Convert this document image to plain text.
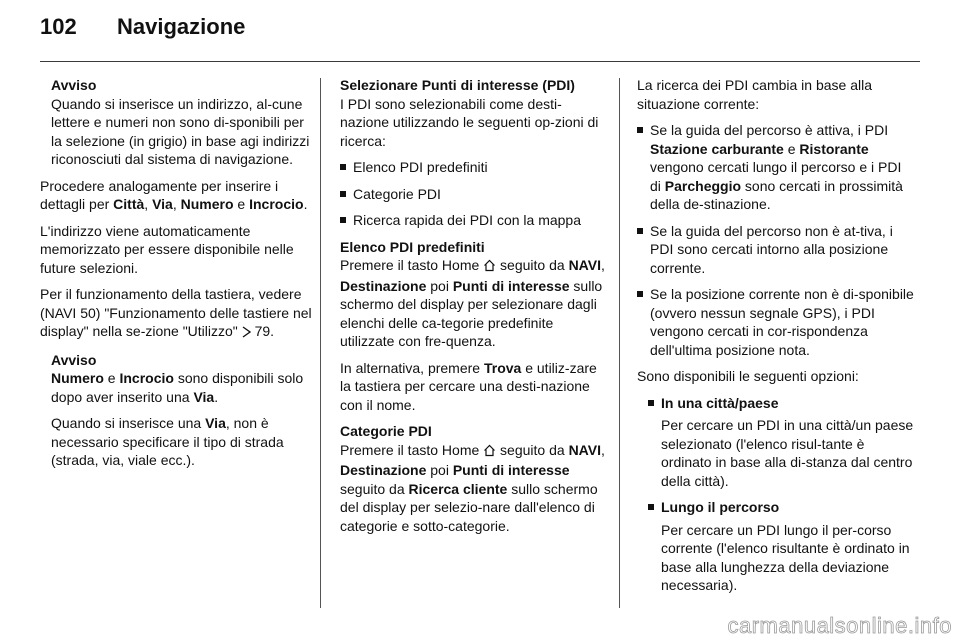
102 Navigazione
Avviso

Quando si inserisce un indirizzo, al-cune lettere e numeri non sono di-sponibili per la selezione (in grigio) in base agi indirizzi riconosciuti dal sistema di navigazione.

Procedere analogamente per inserire i dettagli per Città, Via, Numero e Incrocio.

L'indirizzo viene automaticamente memorizzato per essere disponibile nelle future selezioni.

Per il funzionamento della tastiera, vedere (NAVI 50) "Funzionamento delle tastiere nel display" nella se-zione "Utilizzo"  79.

Avviso

Numero e Incrocio sono disponibili solo dopo aver inserito una Via.

Quando si inserisce una Via, non è necessario specificare il tipo di strada (strada, via, viale ecc.).

Selezionare Punti di interesse (PDI)

I PDI sono selezionabili come desti-nazione utilizzando le seguenti op-zioni di ricerca:

Elenco PDI predefiniti
Categorie PDI
Ricerca rapida dei PDI con la mappa
Elenco PDI predefiniti

Premere il tasto Home  seguito da NAVI, Destinazione poi Punti di interesse sullo schermo del display per selezionare dagli elenchi delle ca-tegorie predefinite utilizzate con fre-quenza.

In alternativa, premere Trova e utiliz-zare la tastiera per cercare una desti-nazione con il nome.

Categorie PDI

Premere il tasto Home  seguito da NAVI, Destinazione poi Punti di interesse seguito da Ricerca cliente sullo schermo del display per selezio-nare dall'elenco di categorie e sotto-categorie.

La ricerca dei PDI cambia in base alla situazione corrente:

Se la guida del percorso è attiva, i PDI Stazione carburante e Ristorante vengono cercati lungo il percorso e i PDI di Parcheggio sono cercati in prossimità della de-stinazione.
Se la guida del percorso non è at-tiva, i PDI sono cercati intorno alla posizione corrente.
Se la posizione corrente non è di-sponibile (ovvero nessun segnale GPS), i PDI vengono cercati in cor-rispondenza dell'ultima posizione nota.

Sono disponibili le seguenti opzioni:

In una città/paese
Per cercare un PDI in una città/un paese selezionato (l'elenco risul-tante è ordinato in base alla di-stanza dal centro della città).
Lungo il percorso
Per cercare un PDI lungo il per-corso corrente (l'elenco risultante è ordinato in base alla lunghezza della deviazione necessaria).
carmanualsonline.info
